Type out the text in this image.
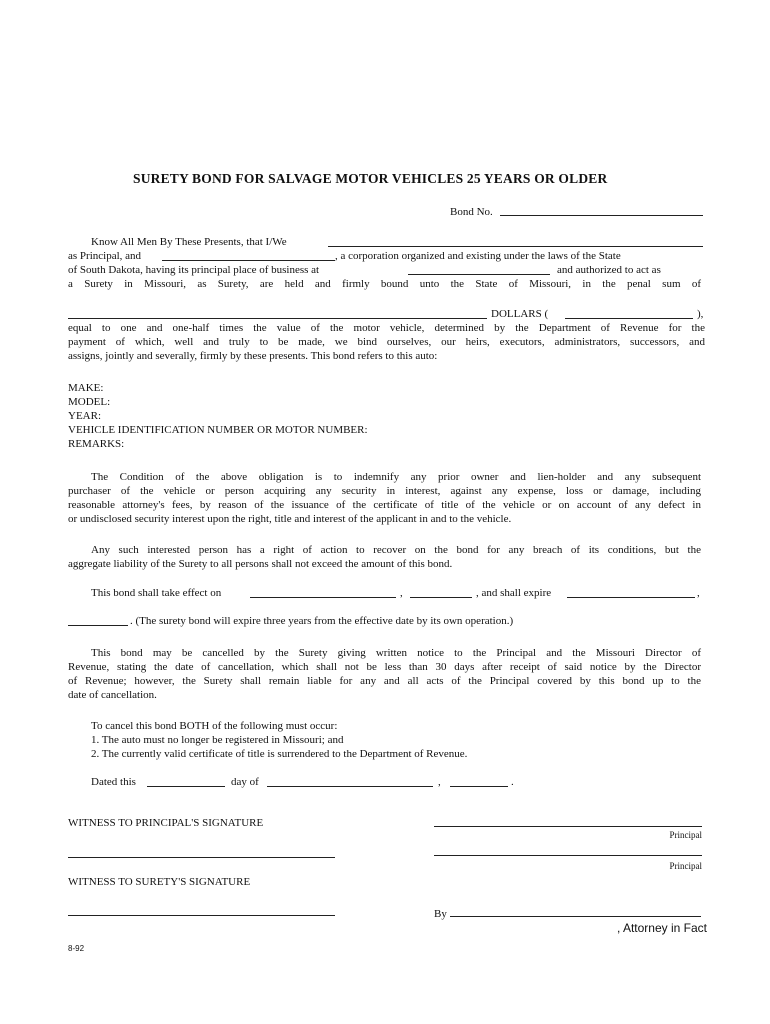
SURETY BOND FOR SALVAGE MOTOR VEHICLES 25 YEARS OR OLDER
Bond No.
Know All Men By These Presents, that I/We
as Principal, and	, a corporation organized and existing under the laws of the State
of South Dakota, having its principal place of business at	and authorized to act as
a Surety in Missouri, as Surety, are held and firmly bound unto the State of Missouri, in the penal sum of
DOLLARS (	),
equal to one and one-half times the value of the motor vehicle, determined by the Department of Revenue for the
payment of which, well and truly to be made, we bind ourselves, our heirs, executors, administrators, successors, and
assigns, jointly and severally, firmly by these presents. This bond refers to this auto:
MAKE:
MODEL:
YEAR:
VEHICLE IDENTIFICATION NUMBER OR MOTOR NUMBER:
REMARKS:
The Condition of the above obligation is to indemnify any prior owner and lien-holder and any subsequent
purchaser of the vehicle or person acquiring any security in interest, against any expense, loss or damage, including
reasonable attorney's fees, by reason of the issuance of the certificate of title of the vehicle or on account of any defect in
or undisclosed security interest upon the right, title and interest of the applicant in and to the vehicle.
Any such interested person has a right of action to recover on the bond for any breach of its conditions, but the
aggregate liability of the Surety to all persons shall not exceed the amount of this bond.
This bond shall take effect on	,	, and shall expire	,
. (The surety bond will expire three years from the effective date by its own operation.)
This bond may be cancelled by the Surety giving written notice to the Principal and the Missouri Director of
Revenue, stating the date of cancellation, which shall not be less than 30 days after receipt of said notice by the Director
of Revenue; however, the Surety shall remain liable for any and all acts of the Principal covered by this bond up to the
date of cancellation.
To cancel this bond BOTH of the following must occur:
1. The auto must no longer be registered in Missouri; and
2. The currently valid certificate of title is surrendered to the Department of Revenue.
Dated this	day of	,	.
WITNESS TO PRINCIPAL'S SIGNATURE
Principal
Principal
WITNESS TO SURETY'S SIGNATURE
By
, Attorney in Fact
8-92
